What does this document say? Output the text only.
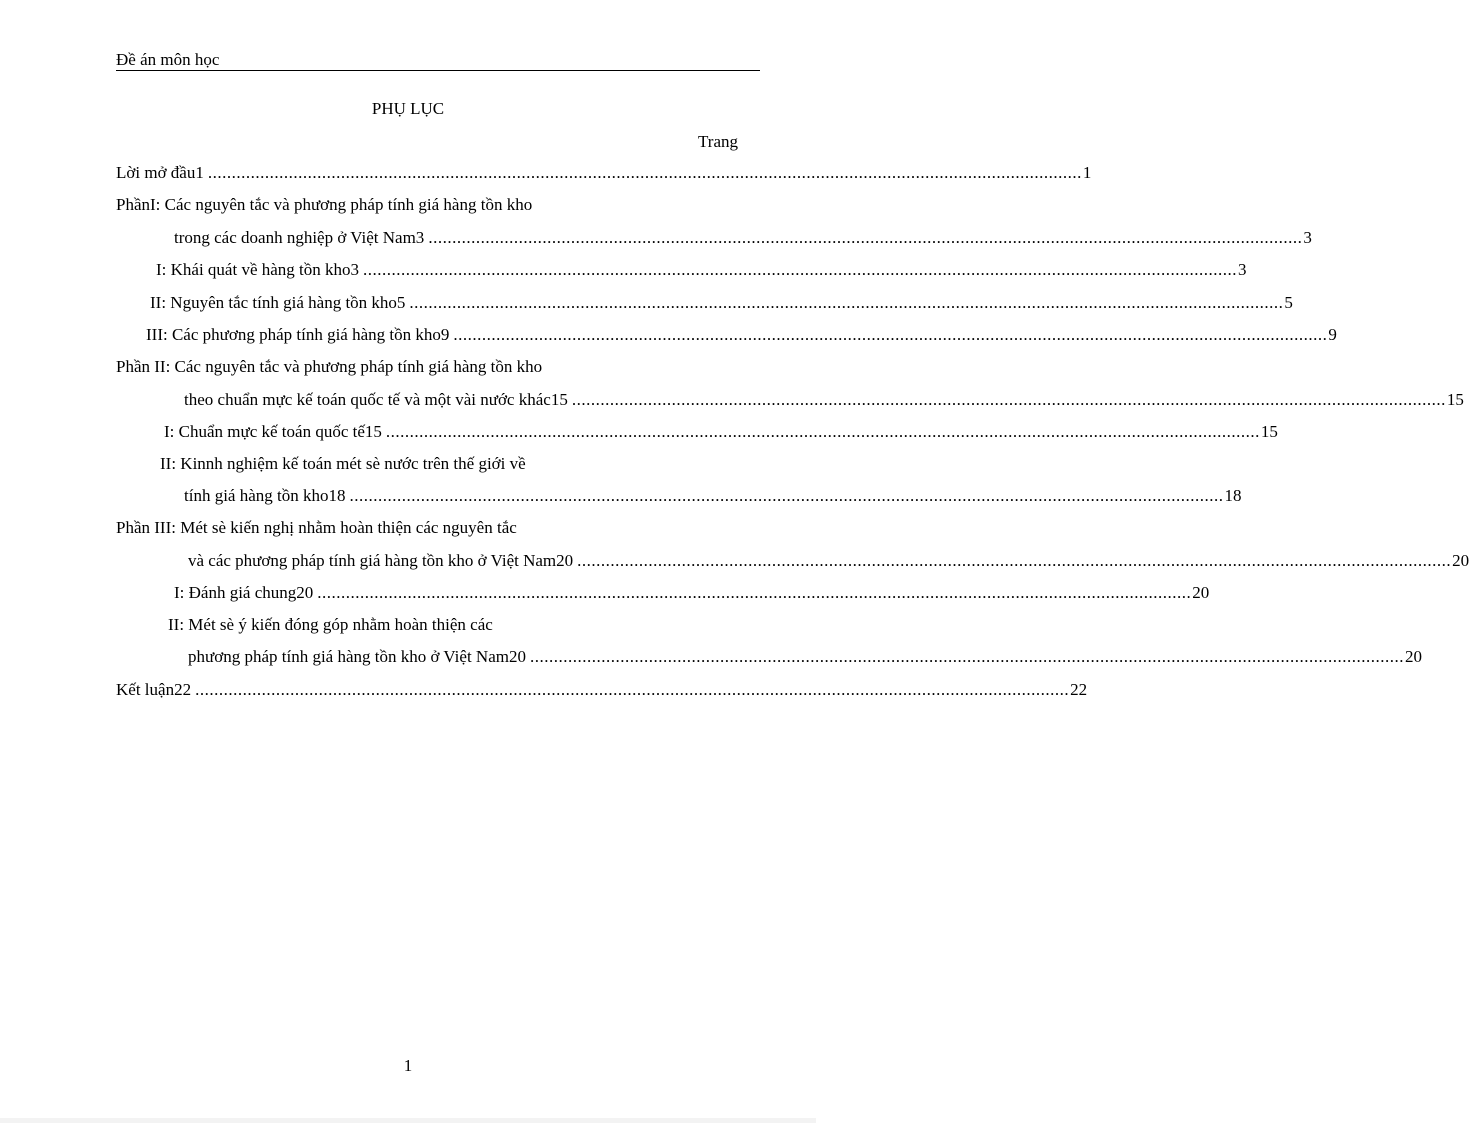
Đề án môn học
PHỤ LỤC
Trang
Lời mở đầu1 ........................................................................................................................................................................................ 1
PhầnI: Các nguyên tắc và phương pháp tính giá hàng tồn kho
trong các doanh nghiệp ở Việt Nam3 ........................................................................................................................................................................................ 3
I: Khái quát về hàng tồn kho3 ........................................................................................................................................................................................ 3
II: Nguyên tắc tính giá hàng tồn kho5 ........................................................................................................................................................................................ 5
III: Các phương pháp tính giá hàng tồn kho9 ........................................................................................................................................................................................ 9
Phần II: Các nguyên tắc và phương pháp tính giá hàng tồn kho
theo chuẩn mực kế toán quốc tế và một vài nước khác15 ........................................................................................................................................................................................ 15
I: Chuẩn mực kế toán quốc tế15 ........................................................................................................................................................................................ 15
II: Kinnh nghiệm kế toán mét sè nước trên thế giới về
tính giá hàng tồn kho18 ........................................................................................................................................................................................ 18
Phần III: Mét sè kiến nghị nhằm hoàn thiện các nguyên tắc
và các phương pháp tính giá hàng tồn kho ở Việt Nam20 ........................................................................................................................................................................................ 20
I: Đánh giá chung20 ........................................................................................................................................................................................ 20
II: Mét sè ý kiến đóng góp nhằm hoàn thiện các
phương pháp tính giá hàng tồn kho ở Việt Nam20 ........................................................................................................................................................................................ 20
Kết luận22 ........................................................................................................................................................................................ 22
1
